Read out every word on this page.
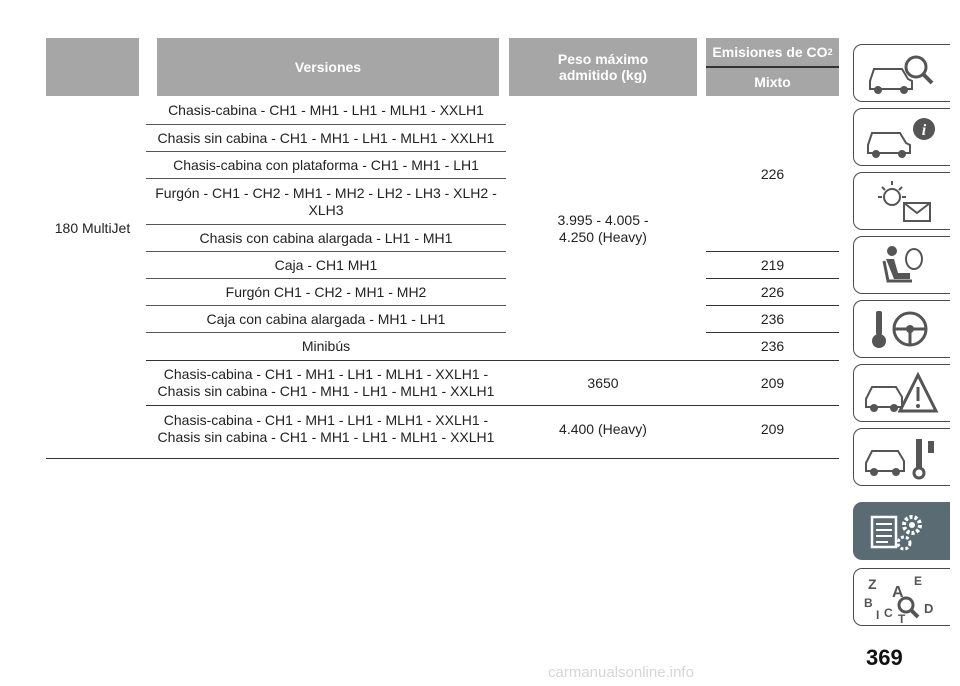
Versiones	Peso máximo admitido (kg)
Emisiones de CO 2
Mixto
180 MultiJet
Chasis-cabina - CH1 - MH1 - LH1 - MLH1 - XXLH1
Chasis sin cabina - CH1 - MH1 - LH1 - MLH1 - XXLH1
Chasis-cabina con plataforma - CH1 - MH1 - LH1
Furgón - CH1 - CH2 - MH1 - MH2 - LH2 - LH3 - XLH2 - XLH3
Chasis con cabina alargada - LH1 - MH1
Caja - CH1 MH1
Furgón CH1 - CH2 - MH1 - MH2
Caja con cabina alargada - MH1 - LH1
Minibús
Chasis-cabina - CH1 - MH1 - LH1 - MLH1 - XXLH1 - Chasis sin cabina - CH1 - MH1 - LH1 - MLH1 - XXLH1
Chasis-cabina - CH1 - MH1 - LH1 - MLH1 - XXLH1 - Chasis sin cabina - CH1 - MH1 - LH1 - MLH1 - XXLH1
3.995 - 4.005 - 4.250 (Heavy)
3650
4.400 (Heavy)
226
219
226
236
236
209
209
i
Z	E
A
B
C D
I T
369
carmanualsonline.info
